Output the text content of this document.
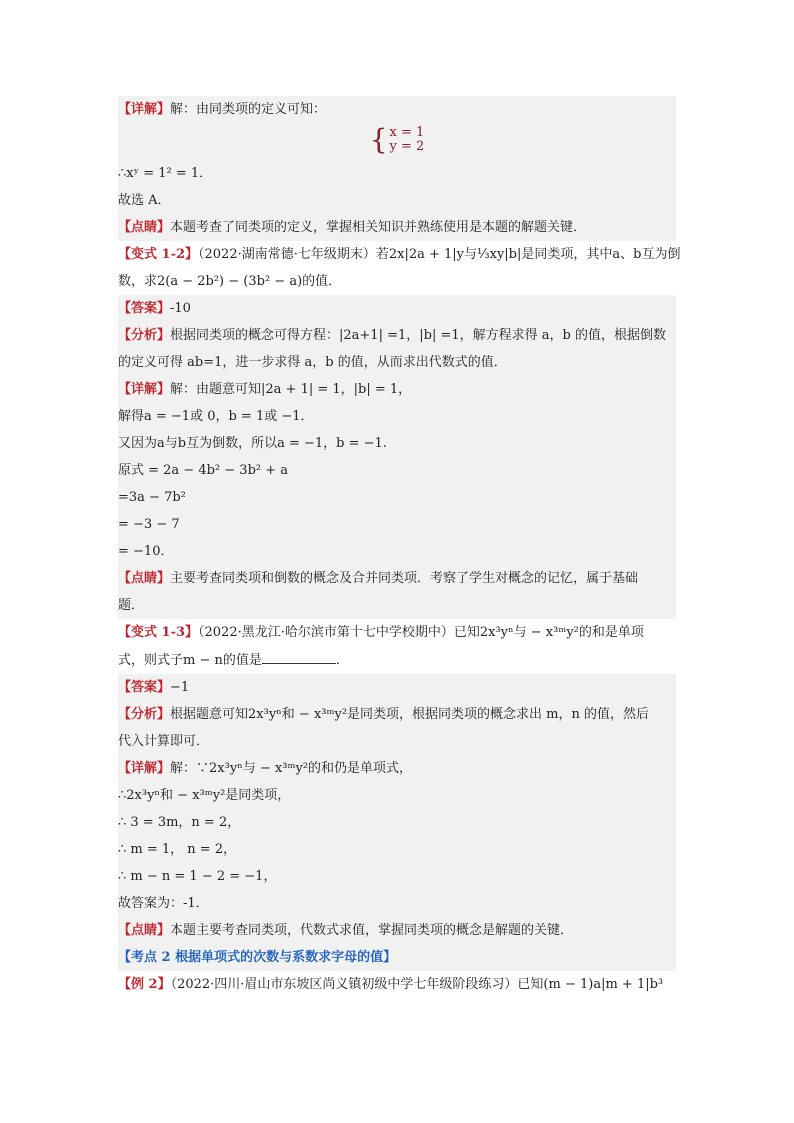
【详解】解：由同类项的定义可知：
{ x = 1
y = 2
∴xʸ = 1² = 1．
故选 A．
【点睛】本题考查了同类项的定义，掌握相关知识并熟练使用是本题的解题关键．
【变式 1-2】（2022·湖南常德·七年级期末）若2x|2a + 1|y与⅓xy|b|是同类项，其中a、b互为倒
数，求2(a − 2b²) − (3b² − a)的值．
【答案】-10
【分析】根据同类项的概念可得方程：|2a+1| =1，|b| =1，解方程求得 a，b 的值，根据倒数
的定义可得 ab=1，进一步求得 a，b 的值，从而求出代数式的值．
【详解】解：由题意可知|2a + 1| = 1，|b| = 1，
解得a = −1或 0，b = 1或 −1．
又因为a与b互为倒数，所以a = −1，b = −1.
原式 = 2a − 4b² − 3b² + a
=3a − 7b²
= −3 − 7
= −10．
【点睛】主要考查同类项和倒数的概念及合并同类项．考察了学生对概念的记忆，属于基础
题．
【变式 1-3】（2022·黑龙江·哈尔滨市第十七中学校期中）已知2x³yⁿ与 − x³ᵐy²的和是单项
式，则式子m − n的值是	．
【答案】−1
【分析】根据题意可知2x³yⁿ和 − x³ᵐy²是同类项，根据同类项的概念求出 m，n 的值，然后
代入计算即可．
【详解】解：∵2x³yⁿ与 − x³ᵐy²的和仍是单项式，
∴2x³yⁿ和 − x³ᵐy²是同类项，
∴ 3 = 3m，n = 2，
∴ m = 1， n = 2，
∴ m − n = 1 − 2 = −1，
故答案为：-1．
【点睛】本题主要考查同类项，代数式求值，掌握同类项的概念是解题的关键．
【考点 2 根据单项式的次数与系数求字母的值】
【例 2】（2022·四川·眉山市东坡区尚义镇初级中学七年级阶段练习）已知(m − 1)a|m + 1|b³
